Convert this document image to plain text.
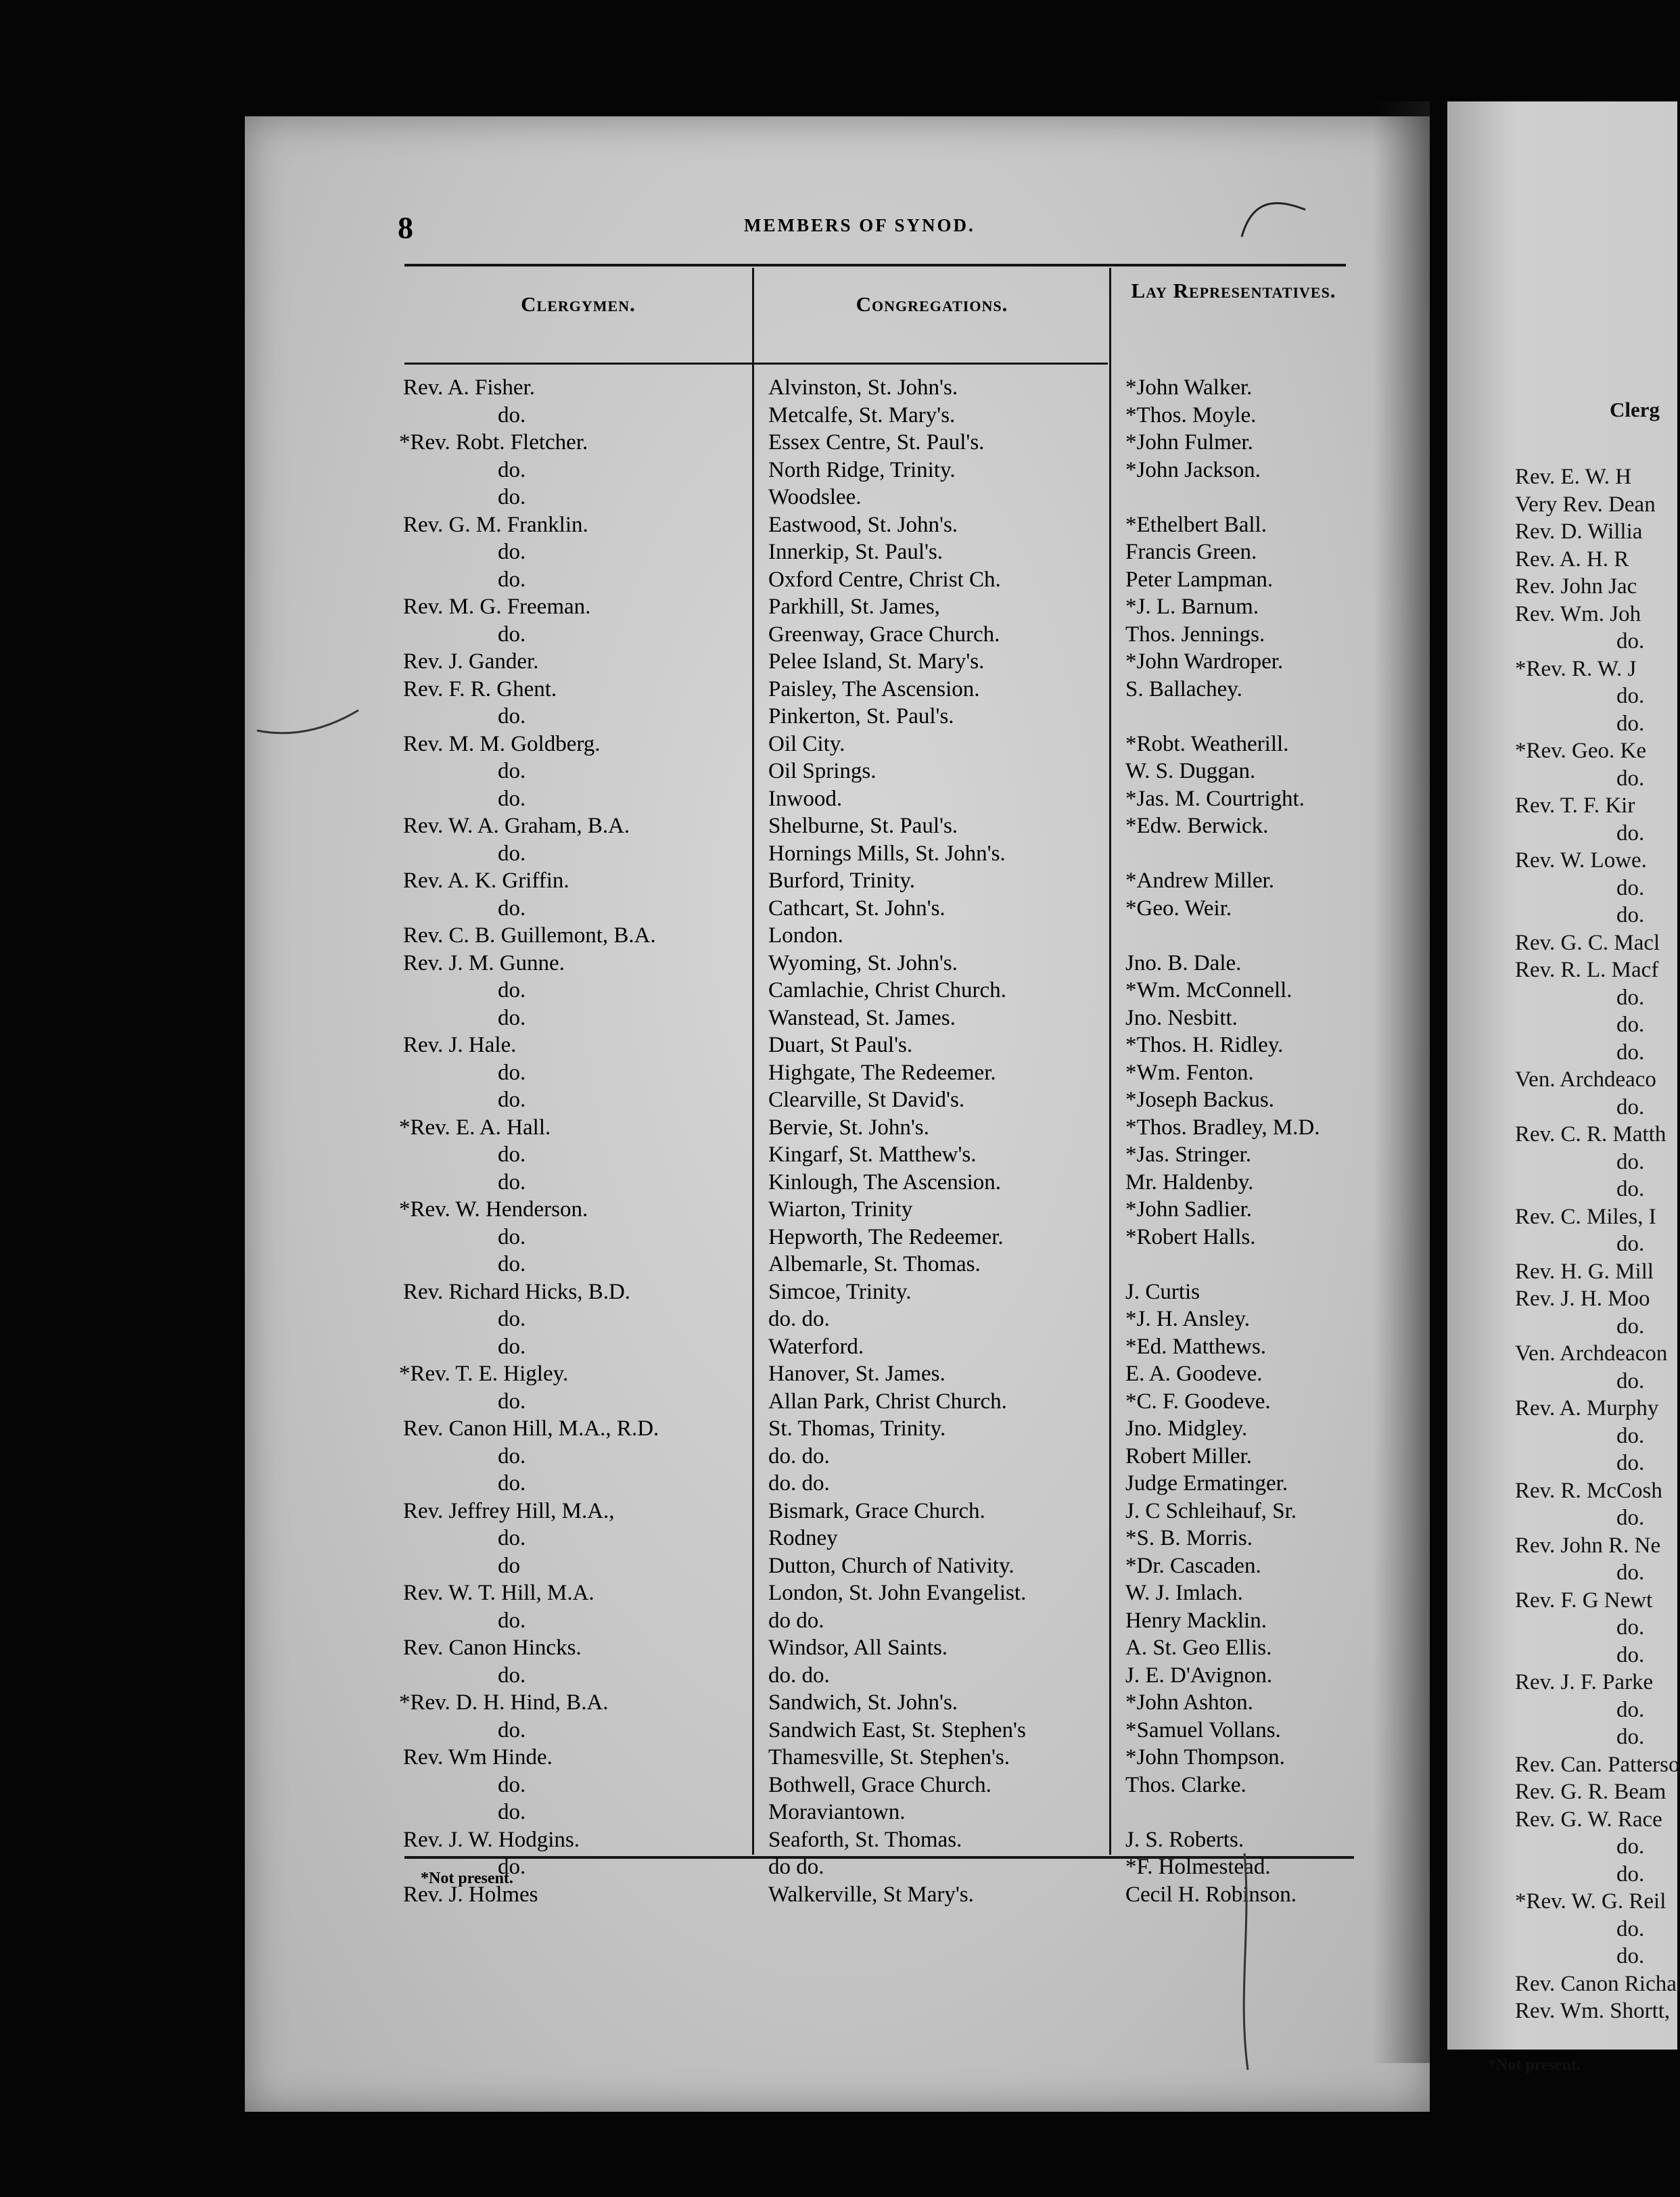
Clerg
Rev. E. W. H
Very Rev. Dean
Rev. D. Willia
Rev. A. H. R
Rev. John Jac
Rev. Wm. Joh
do.
*Rev. R. W. J
do.
do.
*Rev. Geo. Ke
do.
Rev. T. F. Kir
do.
Rev. W. Lowe.
do.
do.
Rev. G. C. Macl
Rev. R. L. Macf
do.
do.
do.
Ven. Archdeaco
do.
Rev. C. R. Matth
do.
do.
Rev. C. Miles, I
do.
Rev. H. G. Mill
Rev. J. H. Moo
do.
Ven. Archdeacon
do.
Rev. A. Murphy
do.
do.
Rev. R. McCosh
do.
Rev. John R. Ne
do.
Rev. F. G Newt
do.
do.
Rev. J. F. Parke
do.
do.
Rev. Can. Patterso
Rev. G. R. Beam
Rev. G. W. Race
do.
do.
*Rev. W. G. Reil
do.
do.
Rev. Canon Richa
Rev. Wm. Shortt,
*Not present.
8	MEMBERS OF SYNOD.
Clergymen.	Congregations.
Lay Representatives.
Rev. A. Fisher.	Alvinston, St. John's.	*John Walker.
do.	Metcalfe, St. Mary's.	*Thos. Moyle.
*Rev. Robt. Fletcher.	Essex Centre, St. Paul's.	*John Fulmer.
do.	North Ridge, Trinity.	*John Jackson.
do.	Woodslee.
Rev. G. M. Franklin.	Eastwood, St. John's.	*Ethelbert Ball.
do.	Innerkip, St. Paul's.	Francis Green.
do.	Oxford Centre, Christ Ch.	Peter Lampman.
Rev. M. G. Freeman.	Parkhill, St. James,	*J. L. Barnum.
do.	Greenway, Grace Church.	Thos. Jennings.
Rev. J. Gander.	Pelee Island, St. Mary's.	*John Wardroper.
Rev. F. R. Ghent.	Paisley, The Ascension.	S. Ballachey.
do.	Pinkerton, St. Paul's.
Rev. M. M. Goldberg.	Oil City.	*Robt. Weatherill.
do.	Oil Springs.	W. S. Duggan.
do.	Inwood.	*Jas. M. Courtright.
Rev. W. A. Graham, B.A.	Shelburne, St. Paul's.	*Edw. Berwick.
do.	Hornings Mills, St. John's.
Rev. A. K. Griffin.	Burford, Trinity.	*Andrew Miller.
do.	Cathcart, St. John's.	*Geo. Weir.
Rev. C. B. Guillemont, B.A.	London.
Rev. J. M. Gunne.	Wyoming, St. John's.	Jno. B. Dale.
do.	Camlachie, Christ Church.	*Wm. McConnell.
do.	Wanstead, St. James.	Jno. Nesbitt.
Rev. J. Hale.	Duart, St Paul's.	*Thos. H. Ridley.
do.	Highgate, The Redeemer.	*Wm. Fenton.
do.	Clearville, St David's.	*Joseph Backus.
*Rev. E. A. Hall.	Bervie, St. John's.	*Thos. Bradley, M.D.
do.	Kingarf, St. Matthew's.	*Jas. Stringer.
do.	Kinlough, The Ascension.	Mr. Haldenby.
*Rev. W. Henderson.	Wiarton, Trinity	*John Sadlier.
do.	Hepworth, The Redeemer.	*Robert Halls.
do.	Albemarle, St. Thomas.
Rev. Richard Hicks, B.D.	Simcoe, Trinity.	J. Curtis
do.	do. do.	*J. H. Ansley.
do.	Waterford.	*Ed. Matthews.
*Rev. T. E. Higley.	Hanover, St. James.	E. A. Goodeve.
do.	Allan Park, Christ Church.	*C. F. Goodeve.
Rev. Canon Hill, M.A., R.D.	St. Thomas, Trinity.	Jno. Midgley.
do.	do. do.	Robert Miller.
do.	do. do.	Judge Ermatinger.
Rev. Jeffrey Hill, M.A.,	Bismark, Grace Church.	J. C Schleihauf, Sr.
do.	Rodney	*S. B. Morris.
do	Dutton, Church of Nativity.	*Dr. Cascaden.
Rev. W. T. Hill, M.A.	London, St. John Evangelist.	W. J. Imlach.
do.	do do.	Henry Macklin.
Rev. Canon Hincks.	Windsor, All Saints.	A. St. Geo Ellis.
do.	do. do.	J. E. D'Avignon.
*Rev. D. H. Hind, B.A.	Sandwich, St. John's.	*John Ashton.
do.	Sandwich East, St. Stephen's	*Samuel Vollans.
Rev. Wm Hinde.	Thamesville, St. Stephen's.	*John Thompson.
do.	Bothwell, Grace Church.	Thos. Clarke.
do.	Moraviantown.
Rev. J. W. Hodgins.	Seaforth, St. Thomas.	J. S. Roberts.
do.	do do.	*F. Holmestead.
Rev. J. Holmes	Walkerville, St Mary's.	Cecil H. Robinson.
*Not present.
